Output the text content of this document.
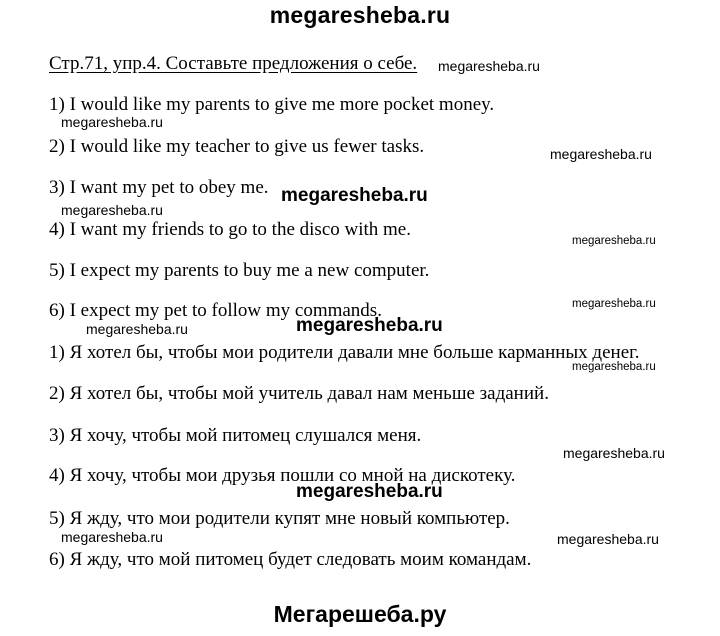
megaresheba.ru
Стр.71, упр.4. Составьте предложения о себе.
1) I would like my parents to give me more pocket money.
2) I would like my teacher to give us fewer tasks.
3) I want my pet to obey me.
4) I want my friends to go to the disco with me.
5) I expect my parents to buy me a new computer.
6) I expect my pet to follow my commands.
1) Я хотел бы, чтобы мои родители давали мне больше карманных денег.
2) Я хотел бы, чтобы мой учитель давал нам меньше заданий.
3) Я хочу, чтобы мой питомец слушался меня.
4) Я хочу, чтобы мои друзья пошли со мной на дискотеку.
5) Я жду, что мои родители купят мне новый компьютер.
6) Я жду, что мой питомец будет следовать моим командам.
megaresheba.ru
megaresheba.ru
megaresheba.ru
megaresheba.ru
megaresheba.ru
megaresheba.ru
megaresheba.ru
megaresheba.ru	megaresheba.ru
megaresheba.ru
megaresheba.ru
megaresheba.ru
megaresheba.ru	megaresheba.ru
Мегарешеба.ру
